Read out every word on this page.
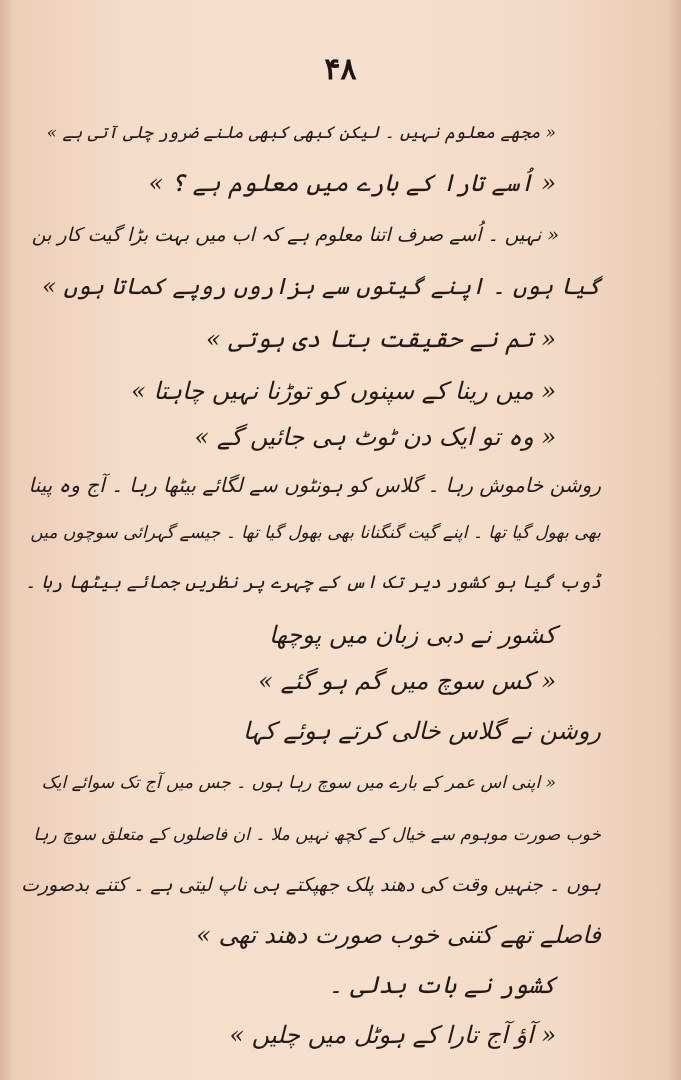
۴۸
« مجھے معلوم نہیں ۔ لیکن کبھی کبھی ملنے ضرور چلی آتی ہے »
« اُسے تارا کے بارے میں معلوم ہے ؟ »
« نہیں ۔ اُسے صرف اتنا معلوم ہے کہ اب میں بہت بڑا گیت کار بن
گیا ہوں ۔ اپنے گیتوں سے ہزاروں روپے کماتا ہوں »
« تم نے حقیقت بتا دی ہوتی »
« میں رینا کے سپنوں کو توڑنا نہیں چاہتا »
« وہ تو ایک دن ٹوٹ ہی جائیں گے »
روشن خاموش رہا ۔ گلاس کو ہونٹوں سے لگائے بیٹھا رہا ۔ آج وہ پینا
بھی بھول گیا تھا ۔ اپنے گیت گنگنانا بھی بھول گیا تھا ۔ جیسے گہرائی سوچوں میں
ڈوب گیا ہو کشور دیر تک اس کے چہرے پر نظریں جمائے بیٹھا رہا ۔
کشور نے دبی زبان میں پوچھا
« کس سوچ میں گم ہو گئے »
روشن نے گلاس خالی کرتے ہوئے کہا
« اپنی اس عمر کے بارے میں سوچ رہا ہوں ۔ جس میں آج تک سوائے ایک
خوب صورت موہوم سے خیال کے کچھ نہیں ملا ۔ ان فاصلوں کے متعلق سوچ رہا
ہوں ۔ جنہیں وقت کی دھند پلک جھپکتے ہی ناپ لیتی ہے ۔ کتنے بدصورت
فاصلے تھے کتنی خوب صورت دھند تھی »
کشور نے بات بدلی ۔
« آؤ آج تارا کے ہوٹل میں چلیں »
